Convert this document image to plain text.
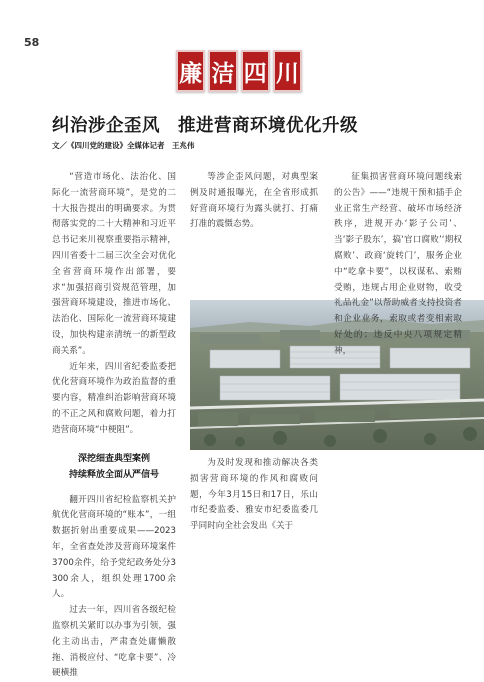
58
廉 洁 四 川
纠治涉企歪风　推进营商环境优化升级
文／《四川党的建设》全媒体记者　王兆伟

“营造市场化、法治化、国际化一流营商环境”，是党的二十大报告提出的明确要求。为贯彻落实党的二十大精神和习近平总书记来川视察重要指示精神，四川省委十二届三次全会对优化全省营商环境作出部署，要求“加强招商引资规范管理，加强营商环境建设，推进市场化、法治化、国际化一流营商环境建设，加快构建亲清统一的新型政商关系”。

近年来，四川省纪委监委把优化营商环境作为政治监督的重要内容，精准纠治影响营商环境的不正之风和腐败问题，着力打造营商环境“中梗阻”。

深挖细查典型案例
持续释放全面从严信号

翻开四川省纪检监察机关护航优化营商环境的“账本”，一组数据折射出重要成果——2023年，全省查处涉及营商环境案件3700余件，给予党纪政务处分3300余人，组织处理1700余人。

过去一年，四川省各级纪检监察机关紧盯以办事为引领，强化主动出击，严肃查处庸懒散拖、消极应付、“吃拿卡要”、冷硬横推

等涉企歪风问题，对典型案例及时通报曝光，在全省形成抓好营商环境行为露头就打、打痛打准的震慑态势。

为及时发现和推动解决各类损害营商环境的作风和腐败问题，今年3月15日和17日，乐山市纪委监委、雅安市纪委监委几乎同时向全社会发出《关于

征集损害营商环境问题线索的公告》——“违规干预和插手企业正常生产经营、破坏市场经济秩序，进规开办‘影子公司’、当‘影子股东’，搞‘官口腐败’‘期权腐败’、政商‘旋转门’，服务企业中“吃拿卡要”，以权谋私、索贿受贿，违规占用企业财物，收受礼品礼金”以帮助威者支持投资者和企业业务，索取或者变相索取好处的；违反中央八项规定精神，
